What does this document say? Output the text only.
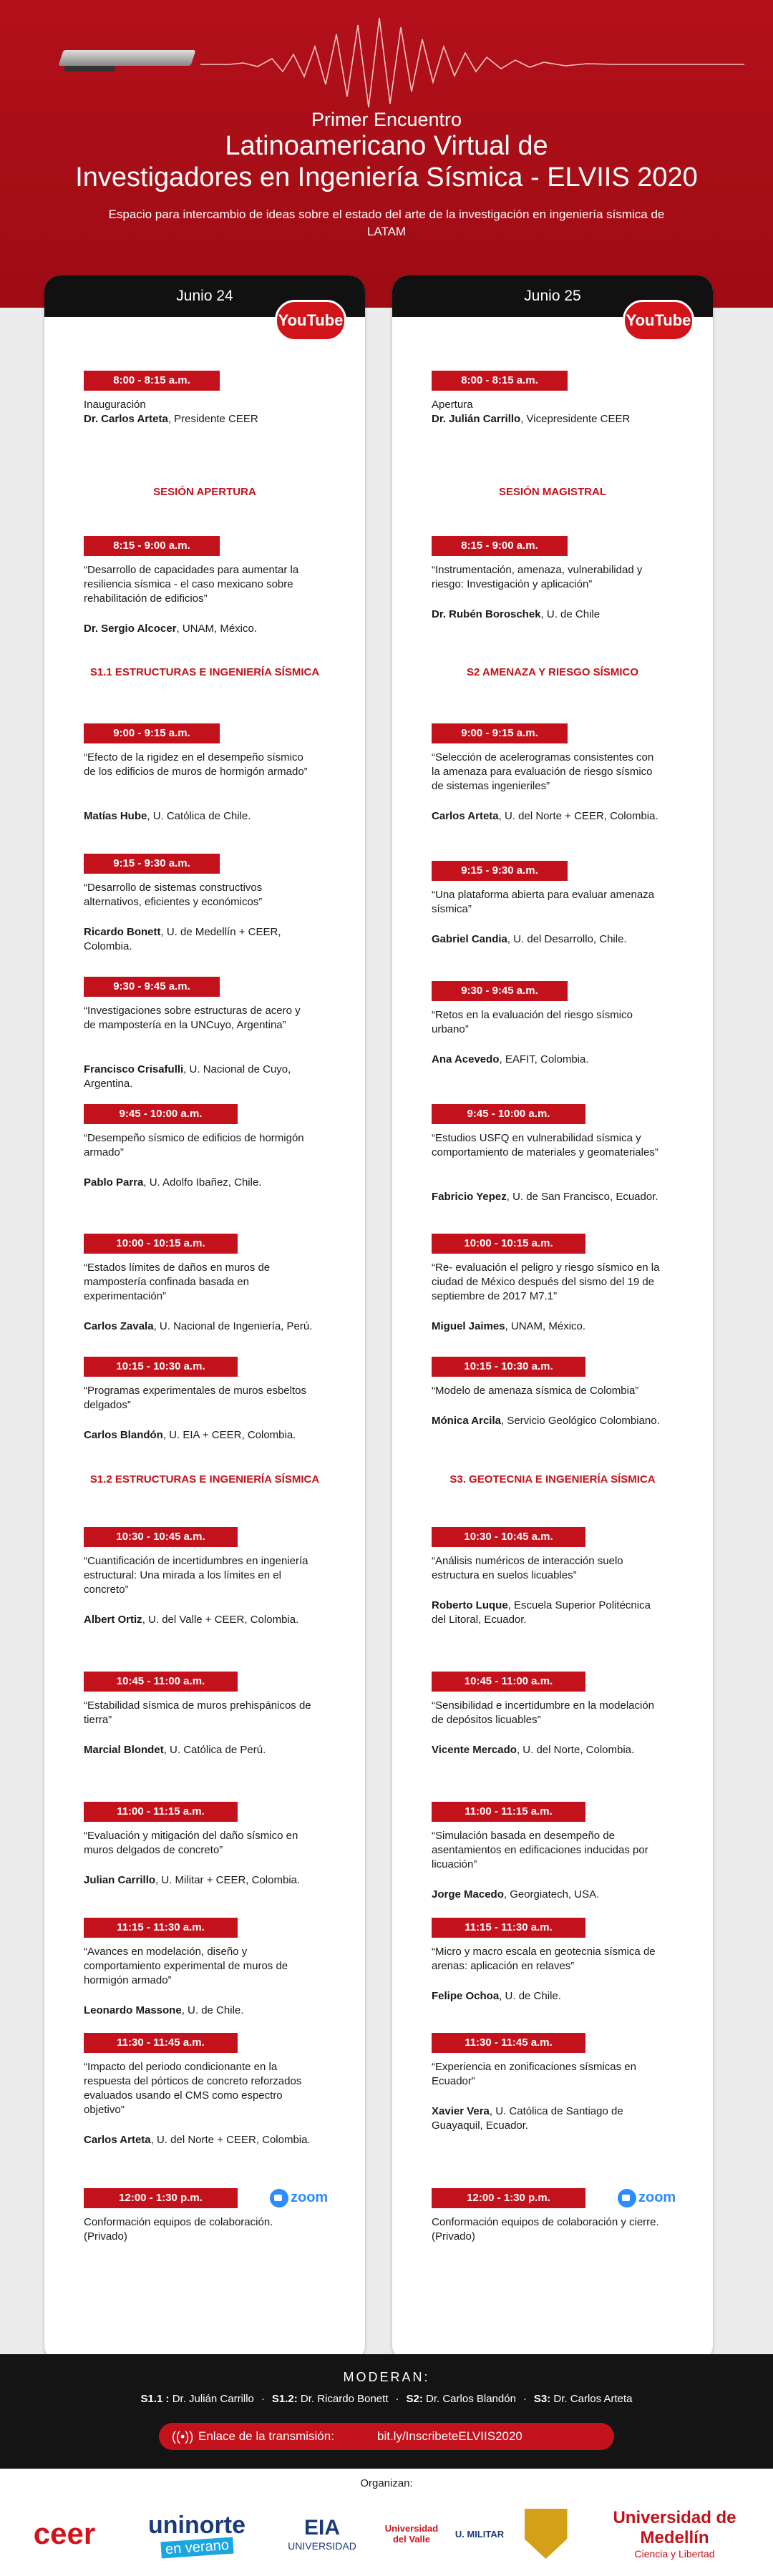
Primer Encuentro
Latinoamericano Virtual de
Investigadores en Ingeniería Sísmica - ELVIIS 2020
Espacio para intercambio de ideas sobre el estado del arte de la investigación en ingeniería sísmica de LATAM
Junio 24
YouTube
8:00 - 8:15 a.m.
Inauguración
Dr. Carlos Arteta, Presidente CEER
SESIÓN APERTURA
8:15 - 9:00 a.m.
“Desarrollo de capacidades para aumentar la resiliencia sísmica - el caso mexicano sobre rehabilitación de edificios”
Dr. Sergio Alcocer, UNAM, México.
S1.1 ESTRUCTURAS E INGENIERÍA SÍSMICA
9:00 - 9:15 a.m.
“Efecto de la rigidez en el desempeño sísmico de los edificios de muros de hormigón armado”
Matías Hube, U. Católica de Chile.
9:15 - 9:30 a.m.
“Desarrollo de sistemas constructivos alternativos, eficientes y económicos”
Ricardo Bonett, U. de Medellín + CEER, Colombia.
9:30 - 9:45 a.m.
“Investigaciones sobre estructuras de acero y de mampostería en la UNCuyo, Argentina”
Francisco Crisafulli, U. Nacional de Cuyo, Argentina.
9:45 - 10:00 a.m.
“Desempeño sísmico de edificios de hormigón armado”
Pablo Parra, U. Adolfo Ibañez, Chile.
10:00 - 10:15 a.m.
“Estados límites de daños en muros de mampostería confinada basada en experimentación”
Carlos Zavala, U. Nacional de Ingeniería, Perú.
10:15 - 10:30 a.m.
“Programas experimentales de muros esbeltos delgados”
Carlos Blandón, U. EIA + CEER, Colombia.
S1.2 ESTRUCTURAS E INGENIERÍA SÍSMICA
10:30 - 10:45 a.m.
“Cuantificación de incertidumbres en ingeniería estructural: Una mirada a los límites en el concreto”
Albert Ortiz, U. del Valle + CEER, Colombia.
10:45 - 11:00 a.m.
“Estabilidad sísmica de muros prehispánicos de tierra”
Marcial Blondet, U. Católica de Perú.
11:00 - 11:15 a.m.
“Evaluación y mitigación del daño sísmico en muros delgados de concreto”
Julian Carrillo, U. Militar + CEER, Colombia.
11:15 - 11:30 a.m.
“Avances en modelación, diseño y comportamiento experimental de muros de hormigón armado”
Leonardo Massone, U. de Chile.
11:30 - 11:45 a.m.
“Impacto del periodo condicionante en la respuesta del pórticos de concreto reforzados evaluados usando el CMS como espectro objetivo”
Carlos Arteta, U. del Norte + CEER, Colombia.
12:00 - 1:30 p.m.
Conformación equipos de colaboración. (Privado)
zoom
Junio 25
YouTube
8:00 - 8:15 a.m.
Apertura
Dr. Julián Carrillo, Vicepresidente CEER
SESIÓN MAGISTRAL
8:15 - 9:00 a.m.
“Instrumentación, amenaza, vulnerabilidad y riesgo: Investigación y aplicación”
Dr. Rubén Boroschek, U. de Chile
S2 AMENAZA Y RIESGO SÍSMICO
9:00 - 9:15 a.m.
“Selección de acelerogramas consistentes con la amenaza para evaluación de riesgo sísmico de sistemas ingenieriles”
Carlos Arteta, U. del Norte + CEER, Colombia.
9:15 - 9:30 a.m.
“Una plataforma abierta para evaluar amenaza sísmica”
Gabriel Candia, U. del Desarrollo, Chile.
9:30 - 9:45 a.m.
“Retos en la evaluación del riesgo sísmico urbano”
Ana Acevedo, EAFIT, Colombia.
9:45 - 10:00 a.m.
“Estudios USFQ en vulnerabilidad sísmica y comportamiento de materiales y geomateriales”
Fabricio Yepez, U. de San Francisco, Ecuador.
10:00 - 10:15 a.m.
“Re- evaluación el peligro y riesgo sísmico en la ciudad de México después del sismo del 19 de septiembre de 2017 M7.1”
Miguel Jaimes, UNAM, México.
10:15 - 10:30 a.m.
“Modelo de amenaza sísmica de Colombia”
Mónica Arcila, Servicio Geológico Colombiano.
S3. GEOTECNIA E INGENIERÍA SÍSMICA
10:30 - 10:45 a.m.
“Análisis numéricos de interacción suelo estructura en suelos licuables”
Roberto Luque, Escuela Superior Politécnica del Litoral, Ecuador.
10:45 - 11:00 a.m.
“Sensibilidad e incertidumbre en la modelación de depósitos licuables”
Vicente Mercado, U. del Norte, Colombia.
11:00 - 11:15 a.m.
“Simulación basada en desempeño de asentamientos en edificaciones inducidas por licuación”
Jorge Macedo, Georgiatech, USA.
11:15 - 11:30 a.m.
“Micro y macro escala en geotecnia sísmica de arenas: aplicación en relaves”
Felipe Ochoa, U. de Chile.
11:30 - 11:45 a.m.
“Experiencia en zonificaciones sísmicas en Ecuador”
Xavier Vera, U. Católica de Santiago de Guayaquil, Ecuador.
12:00 - 1:30 p.m.
Conformación equipos de colaboración y cierre. (Privado)
zoom
MODERAN:
S1.1 : Dr. Julián Carrillo · S1.2: Dr. Ricardo Bonett · S2: Dr. Carlos Blandón · S3: Dr. Carlos Arteta
((•)) Enlace de la transmisión:	bit.ly/InscribeteELVIIS2020
Organizan:
ceer uninorte
en verano
EIA
UNIVERSIDAD
Universidad del Valle	U. MILITAR
Universidad de Medellín
Ciencia y Libertad
